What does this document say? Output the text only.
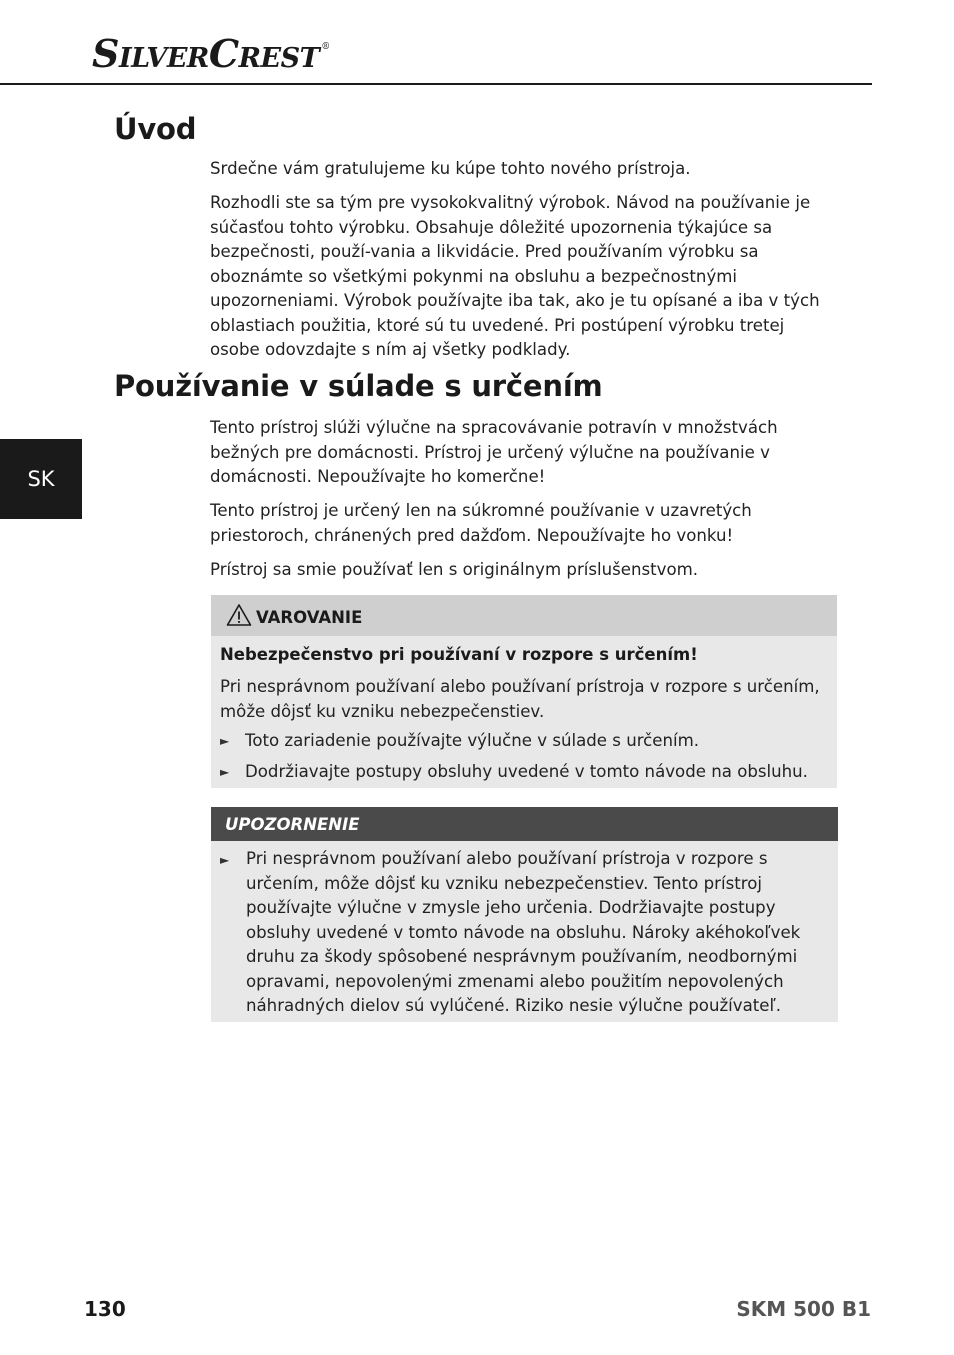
SILVERCREST ®
Úvod
Srdečne vám gratulujeme ku kúpe tohto nového prístroja.
Rozhodli ste sa tým pre vysokokvalitný výrobok. Návod na používanie je súčasťou tohto výrobku. Obsahuje dôležité upozornenia týkajúce sa bezpečnosti, použí-vania a likvidácie. Pred používaním výrobku sa oboznámte so všetkými pokynmi na obsluhu a bezpečnostnými upozorneniami. Výrobok používajte iba tak, ako je tu opísané a iba v tých oblastiach použitia, ktoré sú tu uvedené. Pri postúpení výrobku tretej osobe odovzdajte s ním aj všetky podklady.
Používanie v súlade s určením
Tento prístroj slúži výlučne na spracovávanie potravín v množstvách bežných pre domácnosti. Prístroj je určený výlučne na používanie v domácnosti. Nepoužívajte ho komerčne!
Tento prístroj je určený len na súkromné používanie v uzavretých priestoroch, chránených pred dažďom. Nepoužívajte ho vonku!
Prístroj sa smie používať len s originálnym príslušenstvom.
SK
VAROVANIE
Nebezpečenstvo pri používaní v rozpore s určením!
Pri nesprávnom používaní alebo používaní prístroja v rozpore s určením, môže dôjsť ku vzniku nebezpečenstiev.
► Toto zariadenie používajte výlučne v súlade s určením.
► Dodržiavajte postupy obsluhy uvedené v tomto návode na obsluhu.
UPOZORNENIE
► Pri nesprávnom používaní alebo používaní prístroja v rozpore s určením, môže dôjsť ku vzniku nebezpečenstiev. Tento prístroj používajte výlučne v zmysle jeho určenia. Dodržiavajte postupy obsluhy uvedené v tomto návode na obsluhu. Nároky akéhokoľvek druhu za škody spôsobené nesprávnym používaním, neodbornými opravami, nepovolenými zmenami alebo použitím nepovolených náhradných dielov sú vylúčené. Riziko nesie výlučne používateľ.
130	SKM 500 B1
